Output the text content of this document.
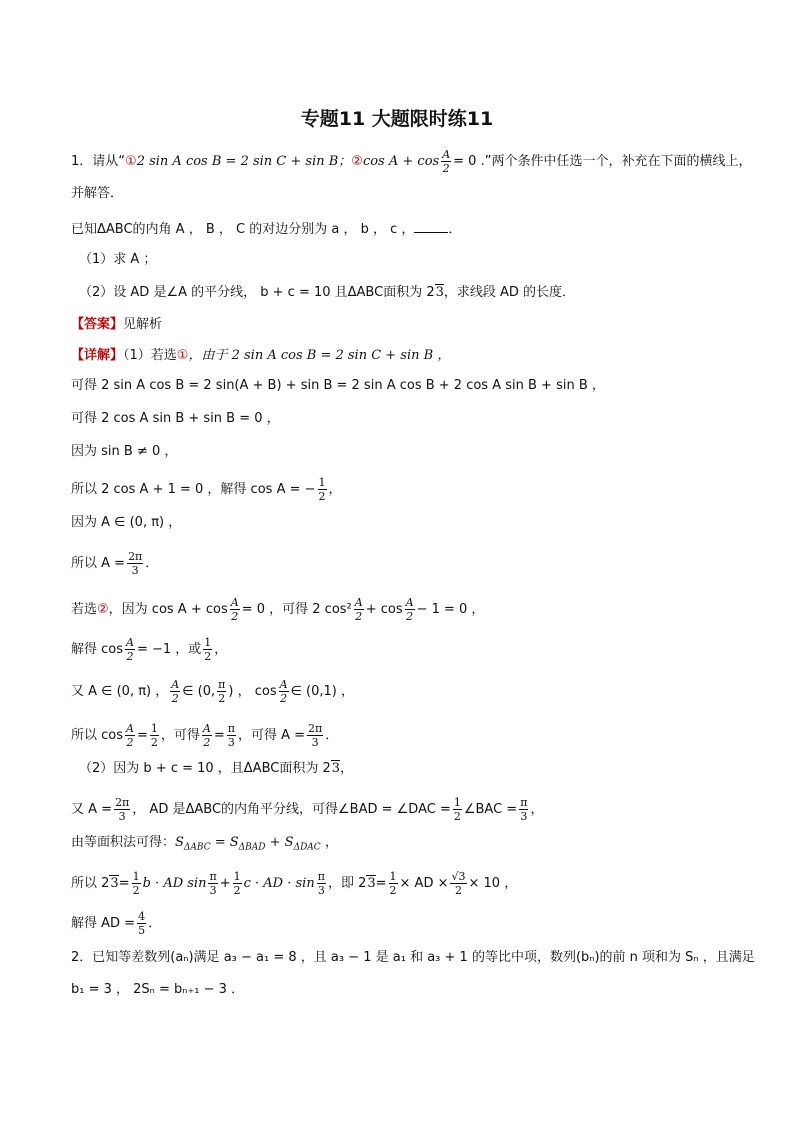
专题11 大题限时练11
1．请从“①2 sin A cos B = 2 sin C + sin B；②cos $A + \cos \frac{A}{2} = 0$ .”两个条件中任选一个，补充在下面的横线上，
并解答．
已知ΔABC的内角 A ， B ， C 的对边分别为 a ， b ， c ，	．
（1）求 A ；
（2）设 AD 是∠A 的平分线， b + c = 10 且ΔABC面积为 23，求线段 AD 的长度．
【答案】见解析
【详解】（1）若选①，由于 2 sin A cos B = 2 sin C + sin B ，
可得 2 sin A cos B = 2 sin(A + B) + sin B = 2 sin A cos B + 2 cos A sin B + sin B ，
可得 2 cos A sin B + sin B = 0 ，
因为 sin B ≠ 0 ，
所以 2 cos A + 1 = 0 ，解得 cos A = − $\frac{1}{2}$ ，
因为 A ∈ (0, π) ，
所以 $A = \frac{2\pi}{3}$ ．
若选②，因为 $\cos A + \cos \frac{A}{2} = 0$ ，可得 2 $\cos^2 \frac{A}{2} + \cos \frac{A}{2} - 1 = 0$ ，
解得 $\cos \frac{A}{2} = -1$ ，或 $\frac{1}{2}$ ，
又 A ∈ (0, π) ， $\frac{A}{2}$ ∈ (0, $\frac{\pi}{2}$ ) ， $\cos \frac{A}{2}$ ∈ (0,1) ，
所以 $\cos \frac{A}{2} = \frac{1}{2}$ ，可得 $\frac{A}{2} = \frac{\pi}{3}$ ，可得 $A = \frac{2\pi}{3}$ ．
（2）因为 b + c = 10 ，且ΔABC面积为 23，
又 $A = \frac{2\pi}{3}$ ， AD 是ΔABC的内角平分线，可得∠BAD = ∠DAC = $\frac{1}{2}$ ∠BAC = $\frac{\pi}{3}$ ，
由等面积法可得：$S_{\Delta ABC} = S_{\Delta BAD} + S_{\Delta DAC}$ ，
所以 $23= \frac{1}{2}$ b · AD $\sin \frac{\pi}{3} + \frac{1}{2}$ c · AD · $\sin \frac{\pi}{3}$ ，即 $23= \frac{1}{2}$ × AD × $\frac{√3}{2} \times 10$ ，
解得 AD = $\frac{4}{5}$ ．
2．已知等差数列(aₙ)满足 a₃ − a₁ = 8 ，且 a₃ − 1 是 a₁ 和 a₃ + 1 的等比中项，数列(bₙ)的前 n 项和为 Sₙ ，且满足
b₁ = 3 ， 2Sₙ = bₙ₊₁ − 3 ．
